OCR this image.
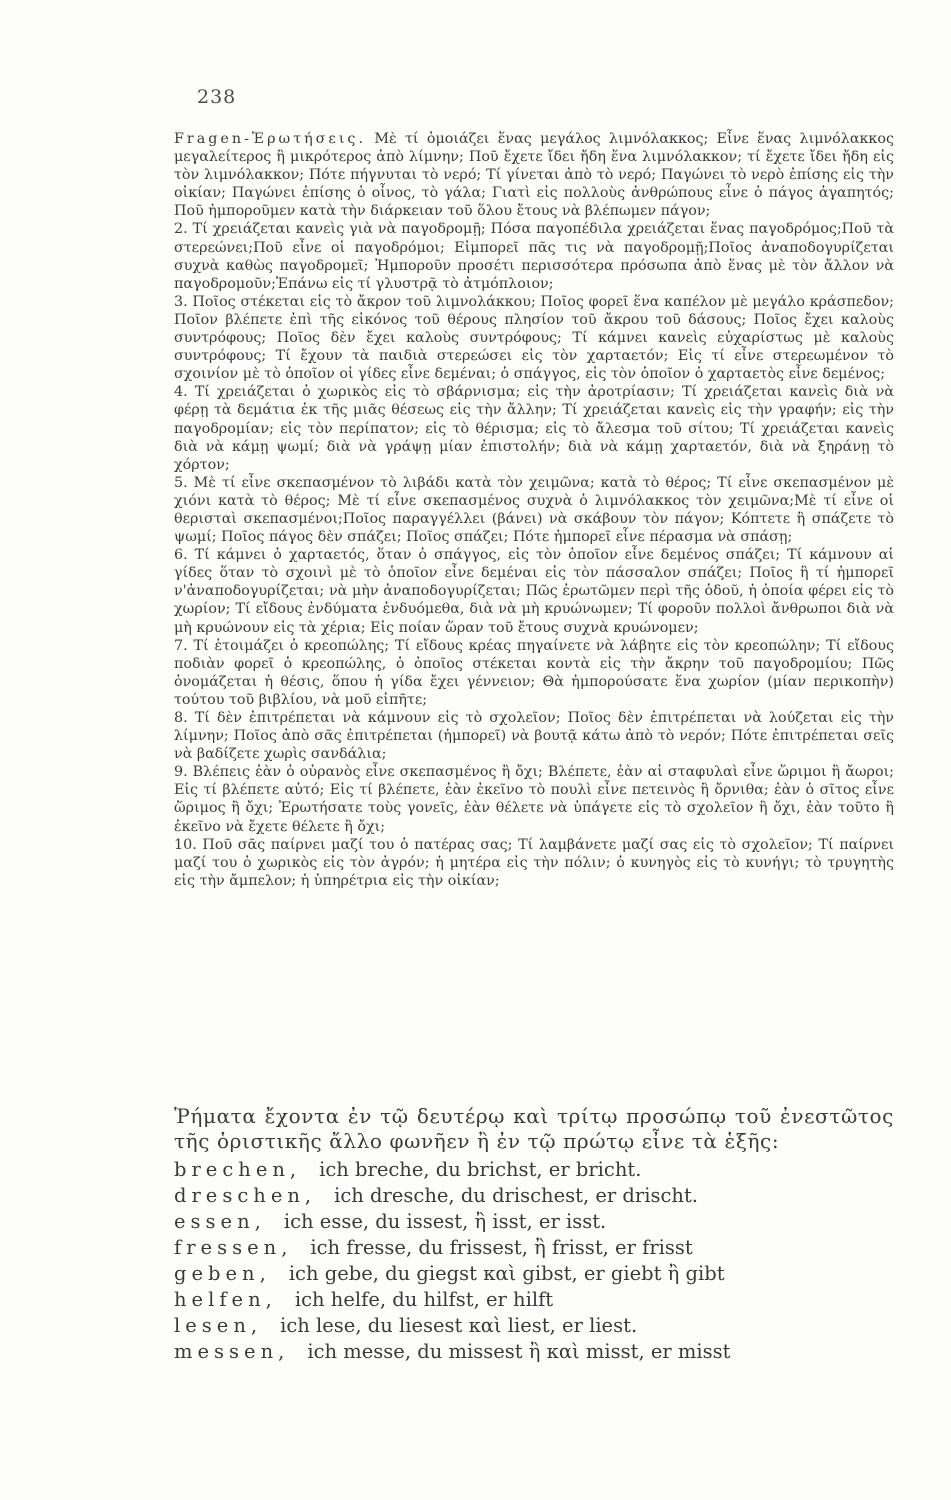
238

Fragen-Ἐρωτήσεις. Μὲ τί ὁμοιάζει ἕνας μεγάλος λιμνόλακκος; Εἶνε ἕνας λιμνόλακκος μεγαλείτερος ἢ μικρότερος ἀπὸ λίμνην; Ποῦ ἔχετε ἴδει ἤδη ἕνα λιμνόλακκον; τί ἔχετε ἴδει ἤδη εἰς τὸν λιμνόλακκον; Πότε πήγνυται τὸ νερό; Τί γίνεται ἀπὸ τὸ νερό; Παγώνει τὸ νερὸ ἐπίσης εἰς τὴν οἰκίαν; Παγώνει ἐπίσης ὁ οἶνος, τὸ γάλα; Γιατὶ εἰς πολλοὺς ἀνθρώπους εἶνε ὁ πάγος ἀγαπητός; Ποῦ ἠμποροῦμεν κατὰ τὴν διάρκειαν τοῦ ὅλου ἔτους νὰ βλέπωμεν πάγον;

2. Τί χρειάζεται κανεὶς γιὰ νὰ παγοδρομῇ; Πόσα παγοπέδιλα χρειάζεται ἕνας παγοδρόμος;Ποῦ τὰ στερεώνει;Ποῦ εἶνε οἱ παγοδρόμοι; Εἰμπορεῖ πᾶς τις νὰ παγοδρομῇ;Ποῖος ἀναποδογυρίζεται συχνὰ καθὼς παγοδρομεῖ; Ἠμποροῦν προσέτι περισσότερα πρόσωπα ἀπὸ ἕνας μὲ τὸν ἄλλον νὰ παγοδρομοῦν;Ἐπάνω εἰς τί γλυστρᾷ τὸ ἀτμόπλοιον;

3. Ποῖος στέκεται εἰς τὸ ἄκρον τοῦ λιμνολάκκου; Ποῖος φορεῖ ἕνα καπέλον μὲ μεγάλο κράσπεδον; Ποῖον βλέπετε ἐπὶ τῆς εἰκόνος τοῦ θέρους πλησίον τοῦ ἄκρου τοῦ δάσους; Ποῖος ἔχει καλοὺς συντρόφους; Ποῖος δὲν ἔχει καλοὺς συντρόφους; Τί κάμνει κανεὶς εὐχαρίστως μὲ καλοὺς συντρόφους; Τί ἔχουν τὰ παιδιὰ στερεώσει εἰς τὸν χαρταετόν; Εἰς τί εἶνε στερεωμένον τὸ σχοινίον μὲ τὸ ὁποῖον οἱ γίδες εἶνε δεμέναι; ὁ σπάγγος, εἰς τὸν ὁποῖον ὁ χαρταετὸς εἶνε δεμένος;

4. Τί χρειάζεται ὁ χωρικὸς εἰς τὸ σβάρνισμα; εἰς τὴν ἀροτρίασιν; Τί χρειάζεται κανεὶς διὰ νὰ φέρῃ τὰ δεμάτια ἐκ τῆς μιᾶς θέσεως εἰς τὴν ἄλλην; Τί χρειάζεται κανεὶς εἰς τὴν γραφήν; εἰς τὴν παγοδρομίαν; εἰς τὸν περίπατον; εἰς τὸ θέρισμα; εἰς τὸ ἄλεσμα τοῦ σίτου; Τί χρειάζεται κανεὶς διὰ νὰ κάμῃ ψωμί; διὰ νὰ γράψῃ μίαν ἐπιστολήν; διὰ νὰ κάμῃ χαρταετόν, διὰ νὰ ξηράνῃ τὸ χόρτον;

5. Μὲ τί εἶνε σκεπασμένον τὸ λιβάδι κατὰ τὸν χειμῶνα; κατὰ τὸ θέρος; Τί εἶνε σκεπασμένον μὲ χιόνι κατὰ τὸ θέρος; Μὲ τί εἶνε σκεπασμένος συχνὰ ὁ λιμνόλακκος τὸν χειμῶνα;Μὲ τί εἶνε οἱ θερισταὶ σκεπασμένοι;Ποῖος παραγγέλλει (βάνει) νὰ σκάβουν τὸν πάγον; Κόπτετε ἢ σπάζετε τὸ ψωμί; Ποῖος πάγος δὲν σπάζει; Ποῖος σπάζει; Πότε ἠμπορεῖ εἶνε πέρασμα νὰ σπάσῃ;

6. Τί κάμνει ὁ χαρταετός, ὅταν ὁ σπάγγος, εἰς τὸν ὁποῖον εἶνε δεμένος σπάζει; Τί κάμνουν αἱ γίδες ὅταν τὸ σχοινὶ μὲ τὸ ὁποῖον εἶνε δεμέναι εἰς τὸν πάσσαλον σπάζει; Ποῖος ἢ τί ἠμπορεῖ ν'ἀναποδογυρίζεται; νὰ μὴν ἀναποδογυρίζεται; Πῶς ἐρωτῶμεν περὶ τῆς ὁδοῦ, ἡ ὁποία φέρει εἰς τὸ χωρίον; Τί εἴδους ἐνδύματα ἐνδυόμεθα, διὰ νὰ μὴ κρυώνωμεν; Τί φοροῦν πολλοὶ ἄνθρωποι διὰ νὰ μὴ κρυώνουν εἰς τὰ χέρια; Εἰς ποίαν ὥραν τοῦ ἔτους συχνὰ κρυώνομεν;

7. Τί ἑτοιμάζει ὁ κρεοπώλης; Τί εἴδους κρέας πηγαίνετε νὰ λάβητε εἰς τὸν κρεοπώλην; Τί εἴδους ποδιὰν φορεῖ ὁ κρεοπώλης, ὁ ὁποῖος στέκεται κοντὰ εἰς τὴν ἄκρην τοῦ παγοδρομίου; Πῶς ὀνομάζεται ἡ θέσις, ὅπου ἡ γίδα ἔχει γέννειον; Θὰ ἠμπορούσατε ἕνα χωρίον (μίαν περικοπὴν) τούτου τοῦ βιβλίου, νὰ μοῦ εἰπῆτε;

8. Τί δὲν ἐπιτρέπεται νὰ κάμνουν εἰς τὸ σχολεῖον; Ποῖος δὲν ἐπιτρέπεται νὰ λούζεται εἰς τὴν λίμνην; Ποῖος ἀπὸ σᾶς ἐπιτρέπεται (ἠμπορεῖ) νὰ βουτᾷ κάτω ἀπὸ τὸ νερόν; Πότε ἐπιτρέπεται σεῖς νὰ βαδίζετε χωρὶς σανδάλια;

9. Βλέπεις ἐὰν ὁ οὐρανὸς εἶνε σκεπασμένος ἢ ὄχι; Βλέπετε, ἐὰν αἱ σταφυλαὶ εἶνε ὥριμοι ἢ ἄωροι; Εἰς τί βλέπετε αὐτό; Εἰς τί βλέπετε, ἐὰν ἐκεῖνο τὸ πουλὶ εἶνε πετεινὸς ἢ ὄρνιθα; ἐὰν ὁ σῖτος εἶνε ὥριμος ἢ ὄχι; Ἐρωτήσατε τοὺς γονεῖς, ἐὰν θέλετε νὰ ὑπάγετε εἰς τὸ σχολεῖον ἢ ὄχι, ἐὰν τοῦτο ἢ ἐκεῖνο νὰ ἔχετε θέλετε ἢ ὄχι;

10. Ποῦ σᾶς παίρνει μαζί του ὁ πατέρας σας; Τί λαμβάνετε μαζί σας εἰς τὸ σχολεῖον; Τί παίρνει μαζί του ὁ χωρικὸς εἰς τὸν ἀγρόν; ἡ μητέρα εἰς τὴν πόλιν; ὁ κυνηγὸς εἰς τὸ κυνήγι; τὸ τρυγητὴς εἰς τὴν ἄμπελον; ἡ ὑπηρέτρια εἰς τὴν οἰκίαν;

Ῥήματα ἔχοντα ἐν τῷ δευτέρῳ καὶ τρίτῳ προσώπῳ τοῦ ἐνεστῶτος τῆς ὁριστικῆς ἄλλο φωνῆεν ἢ ἐν τῷ πρώτῳ εἶνε τὰ ἑξῆς:

brechen, ich breche, du brichst, er bricht.
dreschen, ich dresche, du drischest, er drischt.
essen, ich esse, du issest, ἢ isst, er isst.
fressen, ich fresse, du frissest, ἢ frisst, er frisst
geben, ich gebe, du giegst καὶ gibst, er giebt ἢ gibt
helfen, ich helfe, du hilfst, er hilft
lesen, ich lese, du liesest καὶ liest, er liest.
messen, ich messe, du missest ἢ καὶ misst, er misst
